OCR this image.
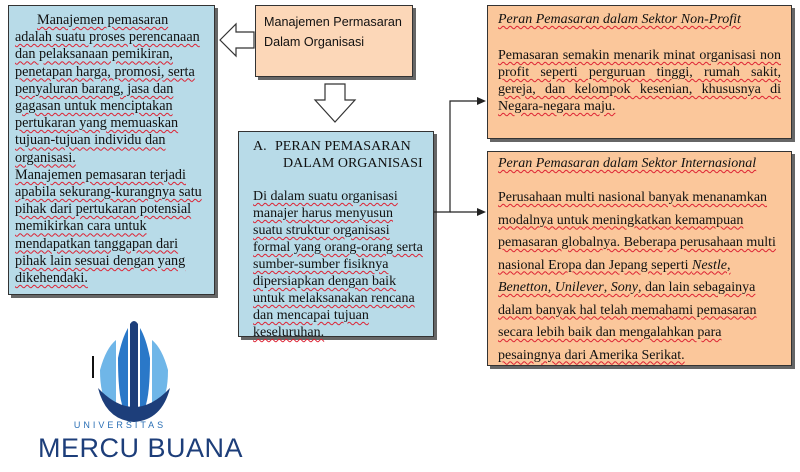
Manajemen pemasaran adalah suatu proses perencanaan dan pelaksanaan pemikiran, penetapan harga, promosi, serta penyaluran barang, jasa dan gagasan untuk menciptakan pertukaran yang memuaskan tujuan-tujuan individu dan organisasi.

Manajemen pemasaran terjadi apabila sekurang-kurangnya satu pihak dari pertukaran potensial memikirkan cara untuk mendapatkan tanggapan dari pihak lain sesuai dengan yang dikehendaki.

Manajemen Permasaran
Dalam Organisasi
A. PERAN PEMASARAN
DALAM ORGANISASI

Di dalam suatu organisasi manajer harus menyusun suatu struktur organisasi formal yang orang-orang serta sumber-sumber fisiknya dipersiapkan dengan baik untuk melaksanakan rencana dan mencapai tujuan keseluruhan.

Peran Pemasaran dalam Sektor Non-Profit

Pemasaran semakin menarik minat organisasi non profit seperti perguruan tinggi, rumah sakit, gereja, dan kelompok kesenian, khususnya di Negara-negara maju.

Peran Pemasaran dalam Sektor Internasional

Perusahaan multi nasional banyak menanamkan modalnya untuk meningkatkan kemampuan pemasaran globalnya. Beberapa perusahaan multi nasional Eropa dan Jepang seperti Nestle, Benetton, Unilever, Sony, dan lain sebagainya dalam banyak hal telah memahami pemasaran secara lebih baik dan mengalahkan para pesaingnya dari Amerika Serikat.

UNIVERSITAS
MERCU BUANA
